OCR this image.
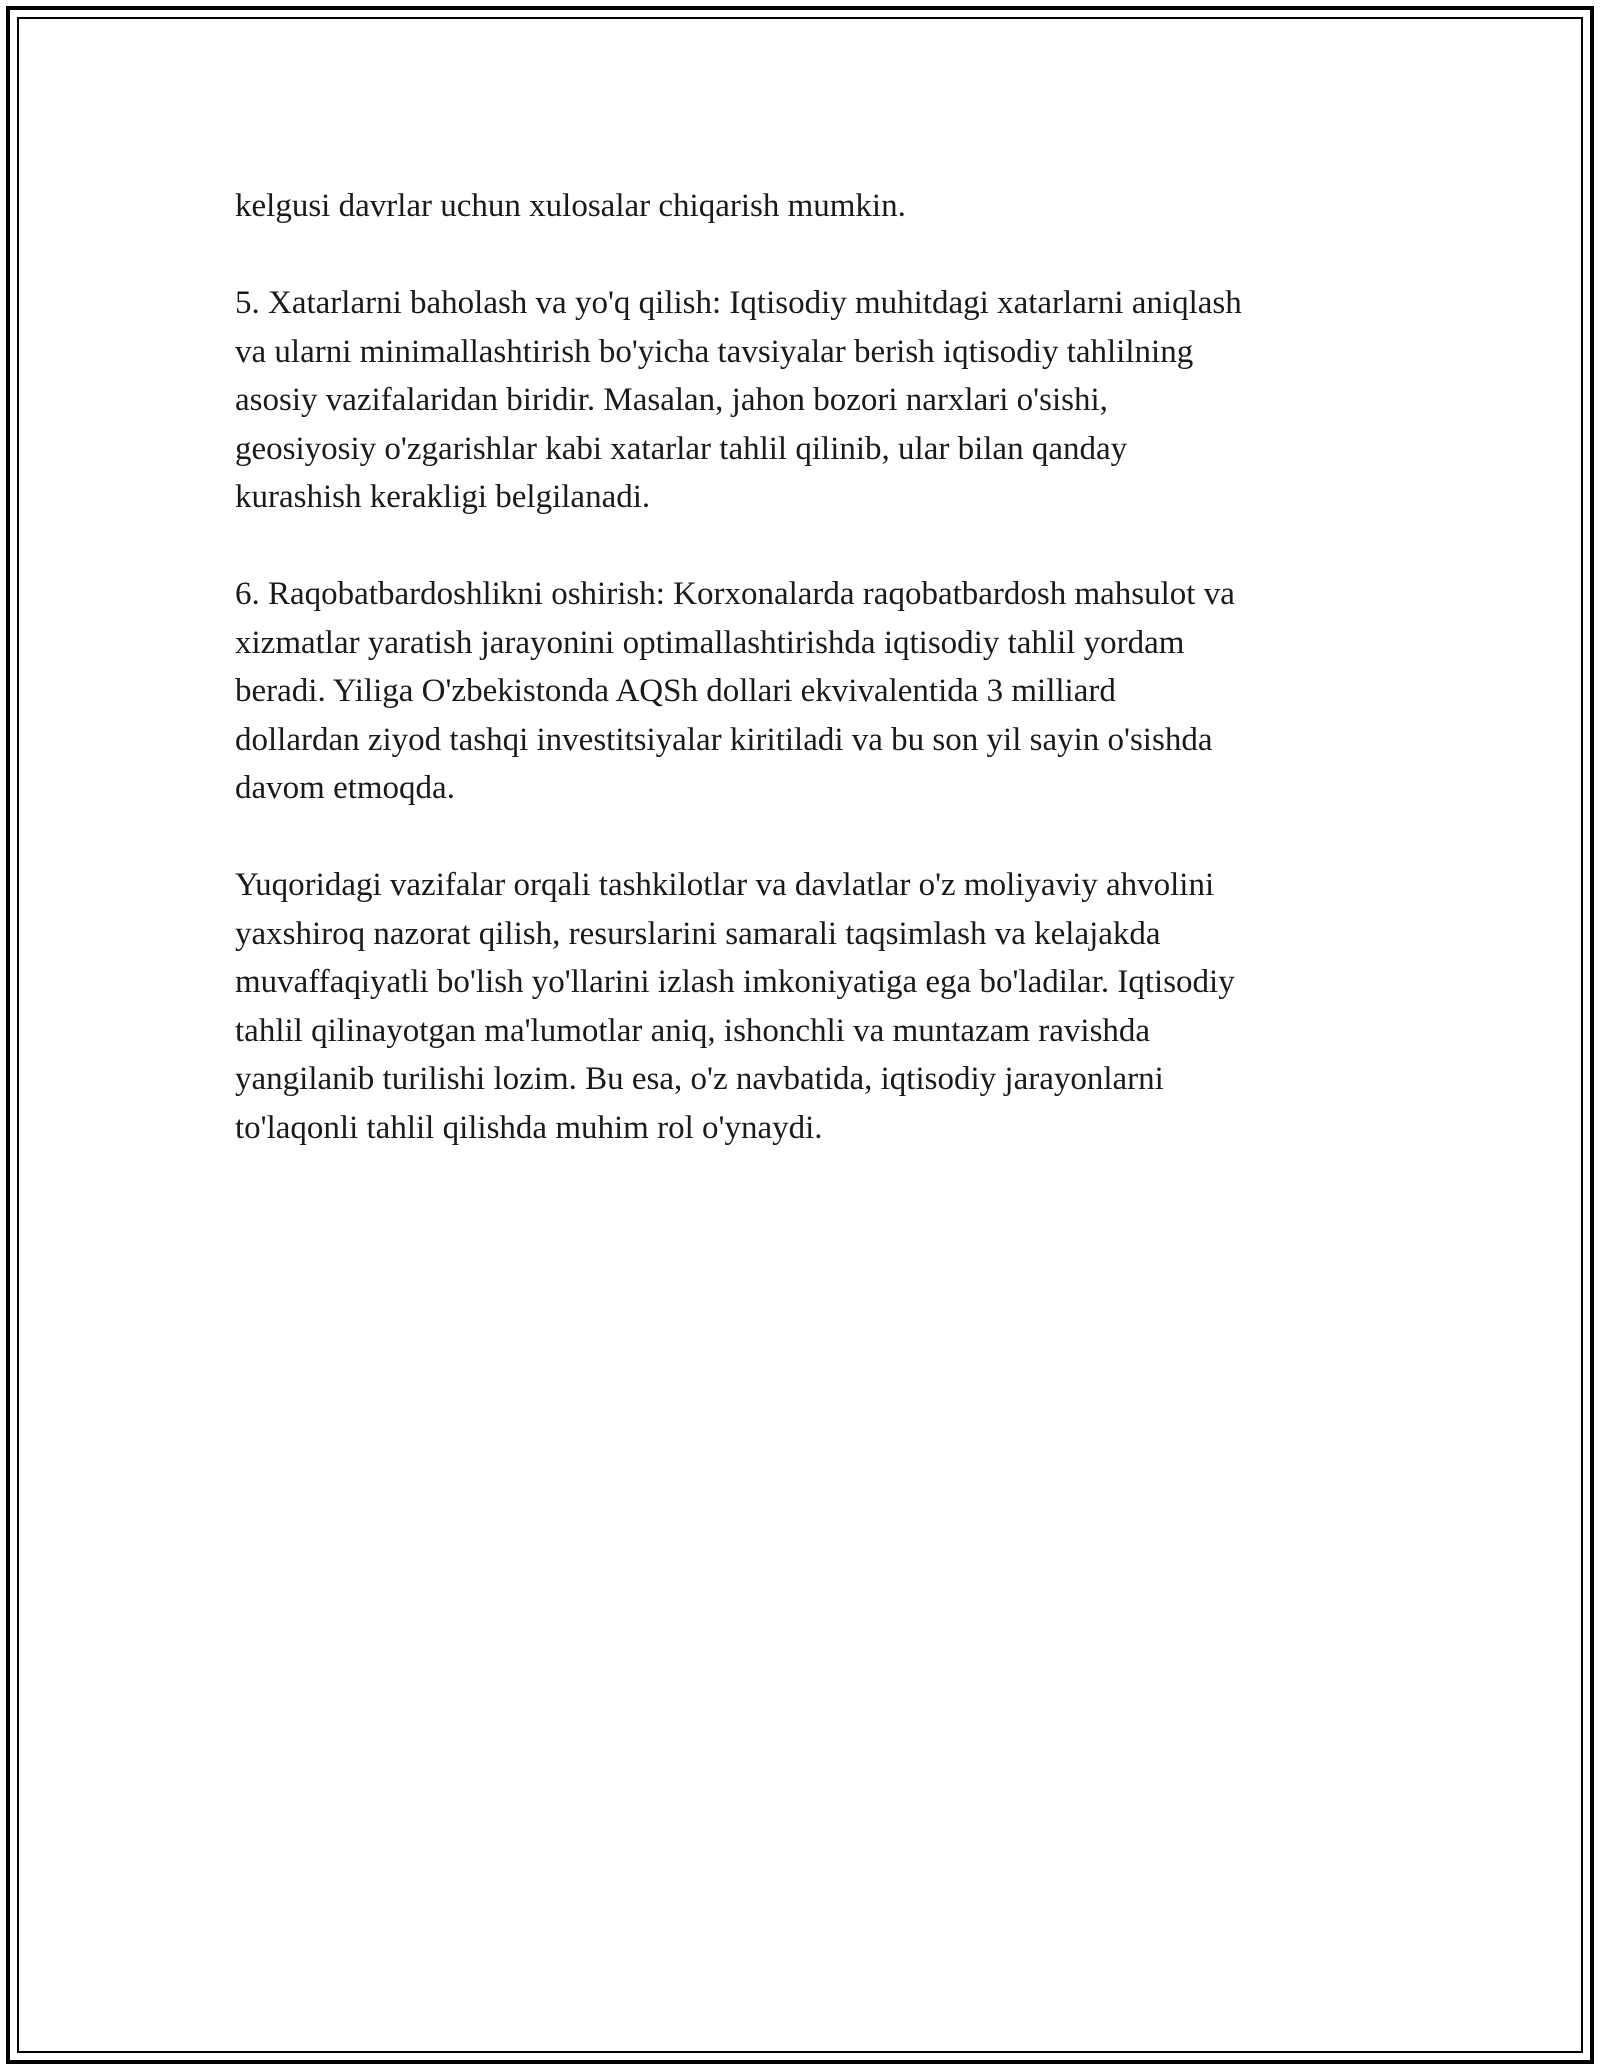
kelgusi davrlar uchun xulosalar chiqarish mumkin.

5. Xatarlarni baholash va yo'q qilish: Iqtisodiy muhitdagi xatarlarni aniqlash
va ularni minimallashtirish bo'yicha tavsiyalar berish iqtisodiy tahlilning
asosiy vazifalaridan biridir. Masalan, jahon bozori narxlari o'sishi,
geosiyosiy o'zgarishlar kabi xatarlar tahlil qilinib, ular bilan qanday
kurashish kerakligi belgilanadi.

6. Raqobatbardoshlikni oshirish: Korxonalarda raqobatbardosh mahsulot va
xizmatlar yaratish jarayonini optimallashtirishda iqtisodiy tahlil yordam
beradi. Yiliga O'zbekistonda AQSh dollari ekvivalentida 3 milliard
dollardan ziyod tashqi investitsiyalar kiritiladi va bu son yil sayin o'sishda
davom etmoqda.

Yuqoridagi vazifalar orqali tashkilotlar va davlatlar o'z moliyaviy ahvolini
yaxshiroq nazorat qilish, resurslarini samarali taqsimlash va kelajakda
muvaffaqiyatli bo'lish yo'llarini izlash imkoniyatiga ega bo'ladilar. Iqtisodiy
tahlil qilinayotgan ma'lumotlar aniq, ishonchli va muntazam ravishda
yangilanib turilishi lozim. Bu esa, o'z navbatida, iqtisodiy jarayonlarni
to'laqonli tahlil qilishda muhim rol o'ynaydi.
